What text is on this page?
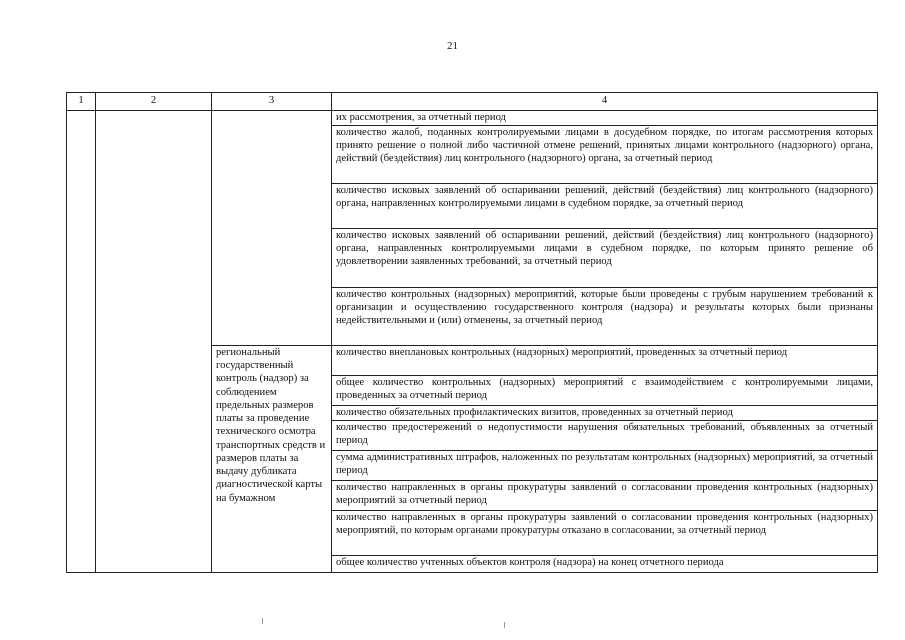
21
1	2	3	4

			их рассмотрения, за отчетный период

			количество жалоб, поданных контролируемыми лицами в досудебном порядке, по итогам рассмотрения которых принято решение о полной либо частичной отмене решений, принятых лицами контрольного (надзорного) органа, действий (бездействия) лиц контрольного (надзорного) органа, за отчетный период

			количество исковых заявлений об оспаривании решений, действий (бездействия) лиц контрольного (надзорного) органа, направленных контролируемыми лицами в судебном порядке, за отчетный период

			количество исковых заявлений об оспаривании решений, действий (бездействия) лиц контрольного (надзорного) органа, направленных контролируемыми лицами в судебном порядке, по которым принято решение об удовлетворении заявленных требований, за отчетный период

			количество контрольных (надзорных) мероприятий, которые были проведены с грубым нарушением требований к организации и осуществлению государственного контроля (надзора) и результаты которых были признаны недействительными и (или) отменены, за отчетный период

		региональный государственный контроль (надзор) за соблюдением предельных размеров платы за проведение технического осмотра транспортных средств и размеров платы за выдачу дубликата диагностической карты на бумажном	количество внеплановых контрольных (надзорных) мероприятий, проведенных за отчетный период

			общее количество контрольных (надзорных) мероприятий с взаимодействием с контролируемыми лицами, проведенных за отчетный период

			количество обязательных профилактических визитов, проведенных за отчетный период

			количество предостережений о недопустимости нарушения обязательных требований, объявленных за отчетный период

			сумма административных штрафов, наложенных по результатам контрольных (надзорных) мероприятий, за отчетный период

			количество направленных в органы прокуратуры заявлений о согласовании проведения контрольных (надзорных) мероприятий за отчетный период

			количество направленных в органы прокуратуры заявлений о согласовании проведения контрольных (надзорных) мероприятий, по которым органами прокуратуры отказано в согласовании, за отчетный период

			общее количество учтенных объектов контроля (надзора) на конец отчетного периода
